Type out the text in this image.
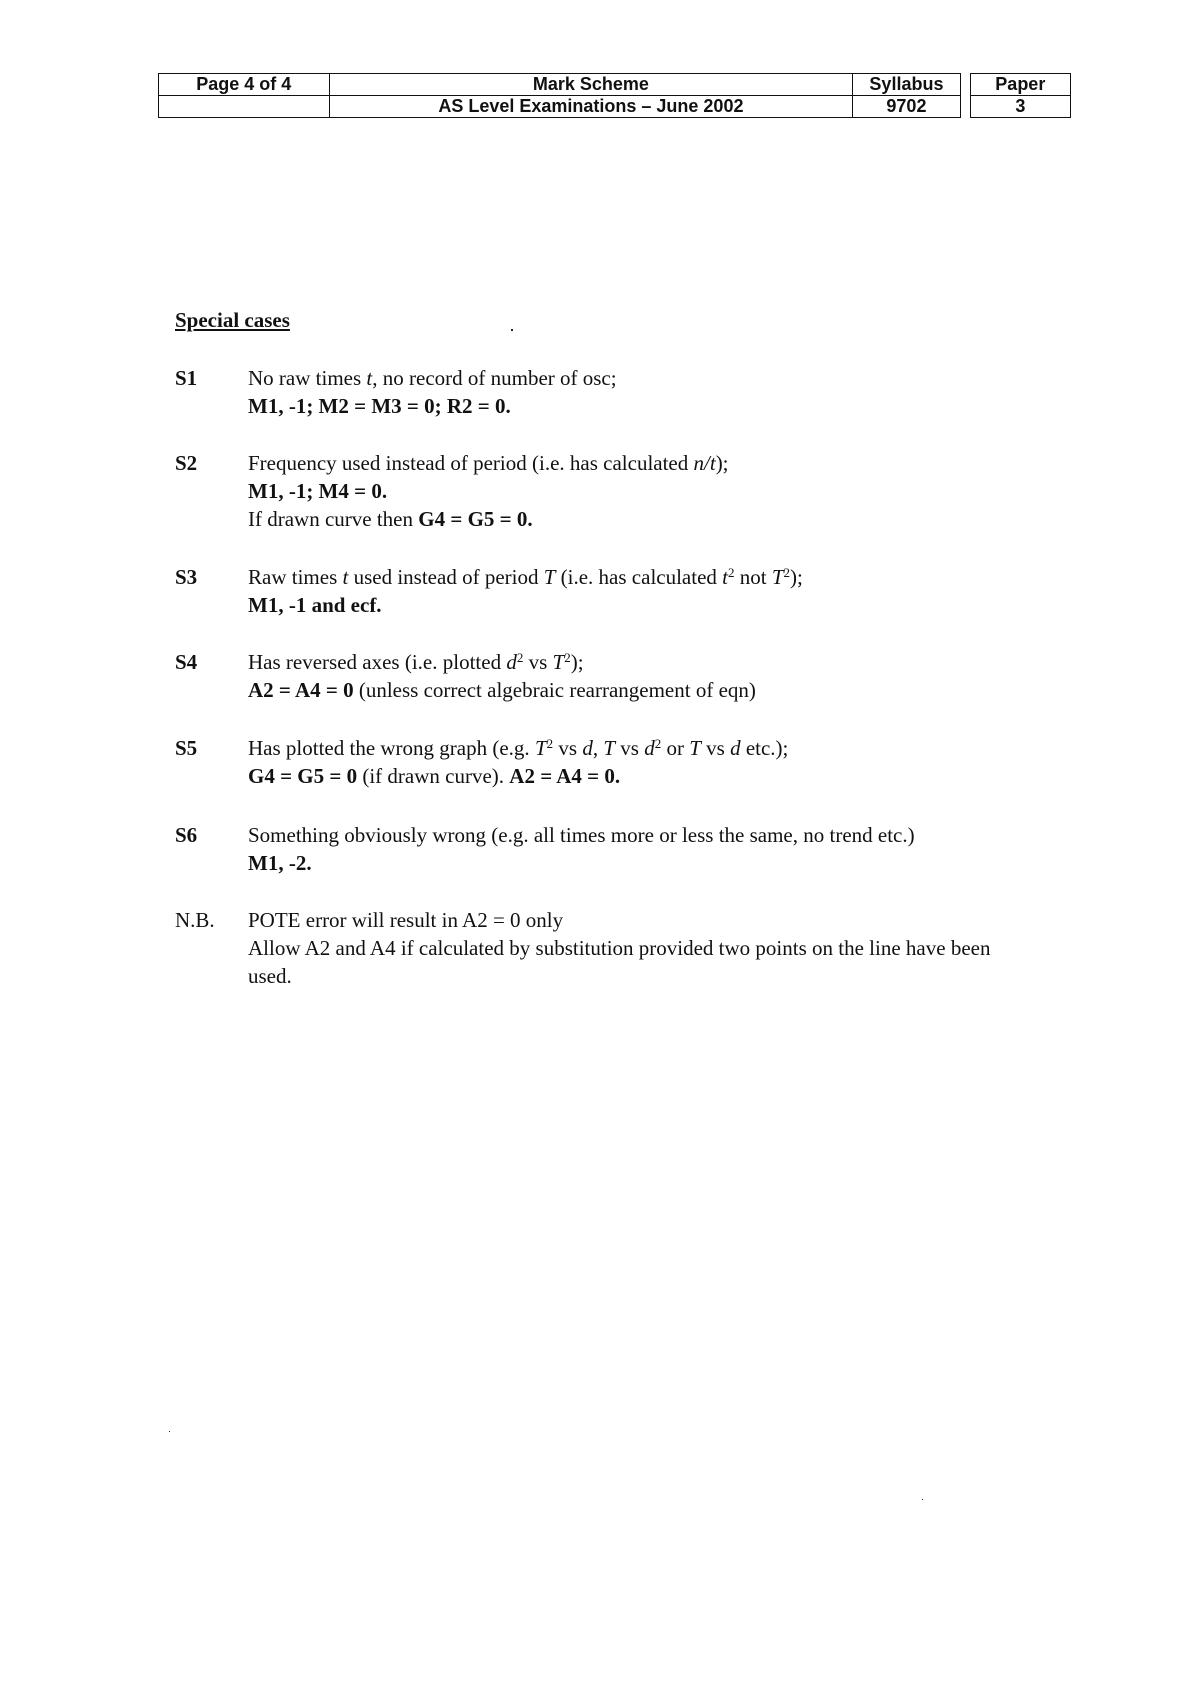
Page 4 of 4	Mark Scheme	Syllabus		Paper
	AS Level Examinations – June 2002	9702		3
Special cases
S1 No raw times t, no record of number of osc;
M1, -1; M2 = M3 = 0; R2 = 0.
S2 Frequency used instead of period (i.e. has calculated n/t);
M1, -1; M4 = 0.
If drawn curve then G4 = G5 = 0.
S3 Raw times t used instead of period T (i.e. has calculated $t^2$ not $T^2$);
M1, -1 and ecf.
S4 Has reversed axes (i.e. plotted $d^2$ vs $T^2$);
A2 = A4 = 0 (unless correct algebraic rearrangement of eqn)
S5 Has plotted the wrong graph (e.g. $T^2$ vs d, T vs $d^2$ or T vs d etc.);
G4 = G5 = 0 (if drawn curve). A2 = A4 = 0.
S6 Something obviously wrong (e.g. all times more or less the same, no trend etc.)
M1, -2.
N.B. POTE error will result in A2 = 0 only
Allow A2 and A4 if calculated by substitution provided two points on the line have been used.
